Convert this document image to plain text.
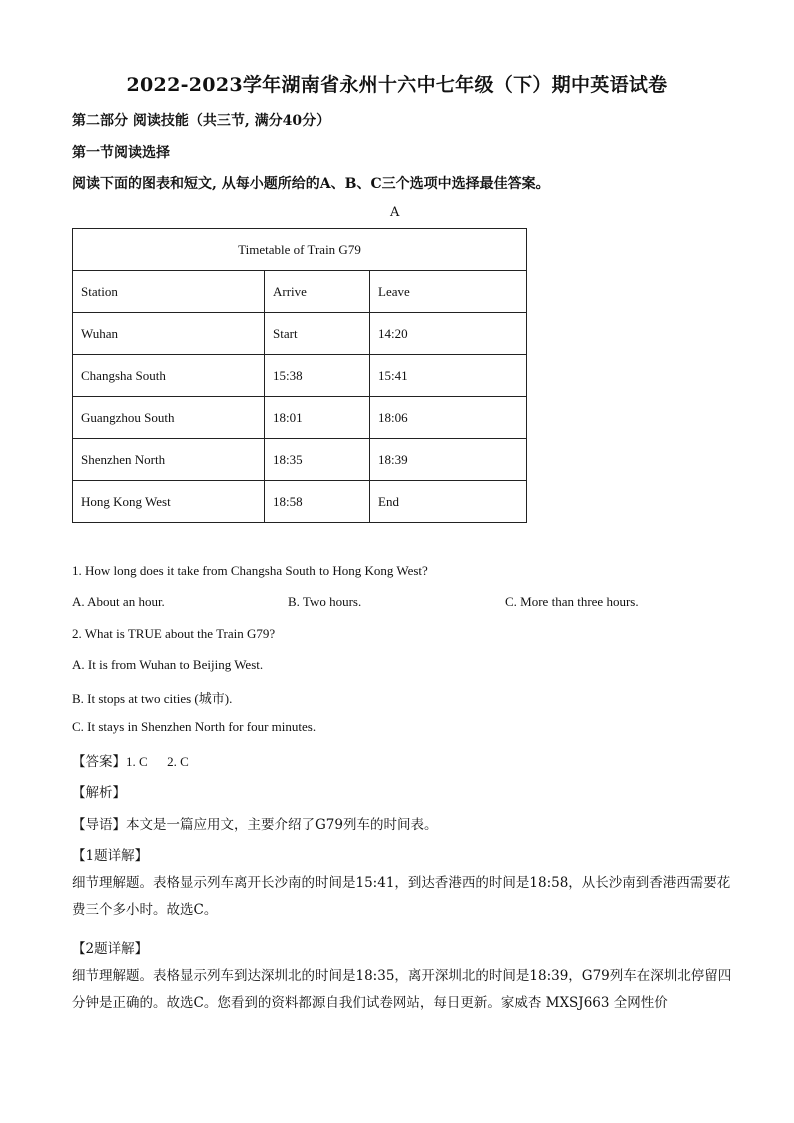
2022-2023学年湖南省永州十六中七年级（下）期中英语试卷
第二部分 阅读技能（共三节, 满分40分）
第一节阅读选择
阅读下面的图表和短文, 从每小题所给的A、B、C三个选项中选择最佳答案。
A
Timetable of Train G79		
Station	Arrive	Leave
Wuhan	Start	14:20
Changsha South	15:38	15:41
Guangzhou South	18:01	18:06
Shenzhen North	18:35	18:39
Hong Kong West	18:58	End
1. How long does it take from Changsha South to Hong Kong West?
A. About an hour.	B. Two hours.	C. More than three hours.
2. What is TRUE about the Train G79?
A. It is from Wuhan to Beijing West.
B. It stops at two cities (城市).
C. It stays in Shenzhen North for four minutes.
【答案】1. C      2. C
【解析】
【导语】本文是一篇应用文，主要介绍了G79列车的时间表。
【1题详解】
细节理解题。表格显示列车离开长沙南的时间是15:41，到达香港西的时间是18:58，从长沙南到香港西需要花费三个多小时。故选C。
【2题详解】
细节理解题。表格显示列车到达深圳北的时间是18:35，离开深圳北的时间是18:39，G79列车在深圳北停留四分钟是正确的。故选C。您看到的资料都源自我们试卷网站，每日更新。家威杏 MXSJ663 全网性价
